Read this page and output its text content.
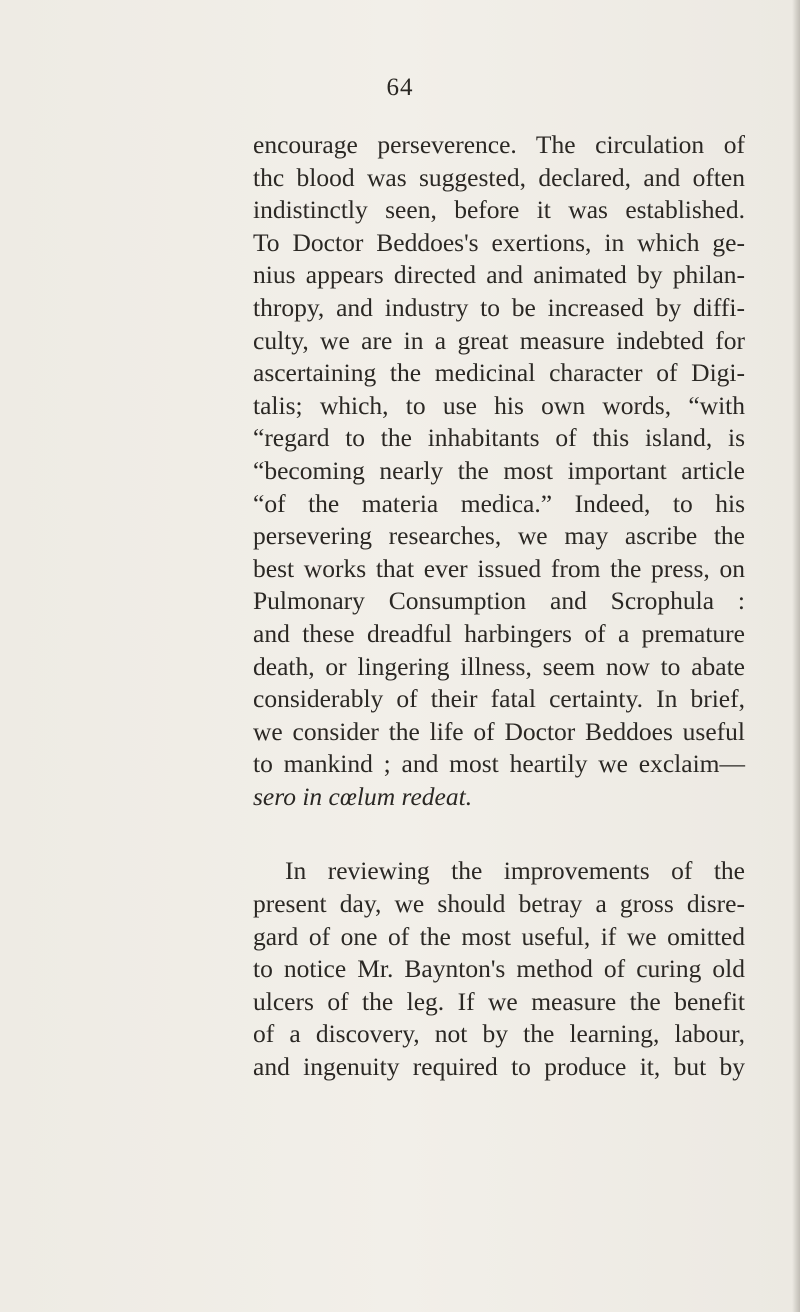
64
encourage perseverence. The circulation of
thc blood was suggested, declared, and often
indistinctly seen, before it was established.
To Doctor Beddoes's exertions, in which ge-
nius appears directed and animated by philan-
thropy, and industry to be increased by diffi-
culty, we are in a great measure indebted for
ascertaining the medicinal character of Digi-
talis; which, to use his own words, “with
“regard to the inhabitants of this island, is
“becoming nearly the most important article
“of the materia medica.” Indeed, to his
persevering researches, we may ascribe the
best works that ever issued from the press, on
Pulmonary Consumption and Scrophula :
and these dreadful harbingers of a premature
death, or lingering illness, seem now to abate
considerably of their fatal certainty. In brief,
we consider the life of Doctor Beddoes useful
to mankind ; and most heartily we exclaim—
sero in cœlum redeat.
In reviewing the improvements of the
present day, we should betray a gross disre-
gard of one of the most useful, if we omitted
to notice Mr. Baynton's method of curing old
ulcers of the leg. If we measure the benefit
of a discovery, not by the learning, labour,
and ingenuity required to produce it, but by
